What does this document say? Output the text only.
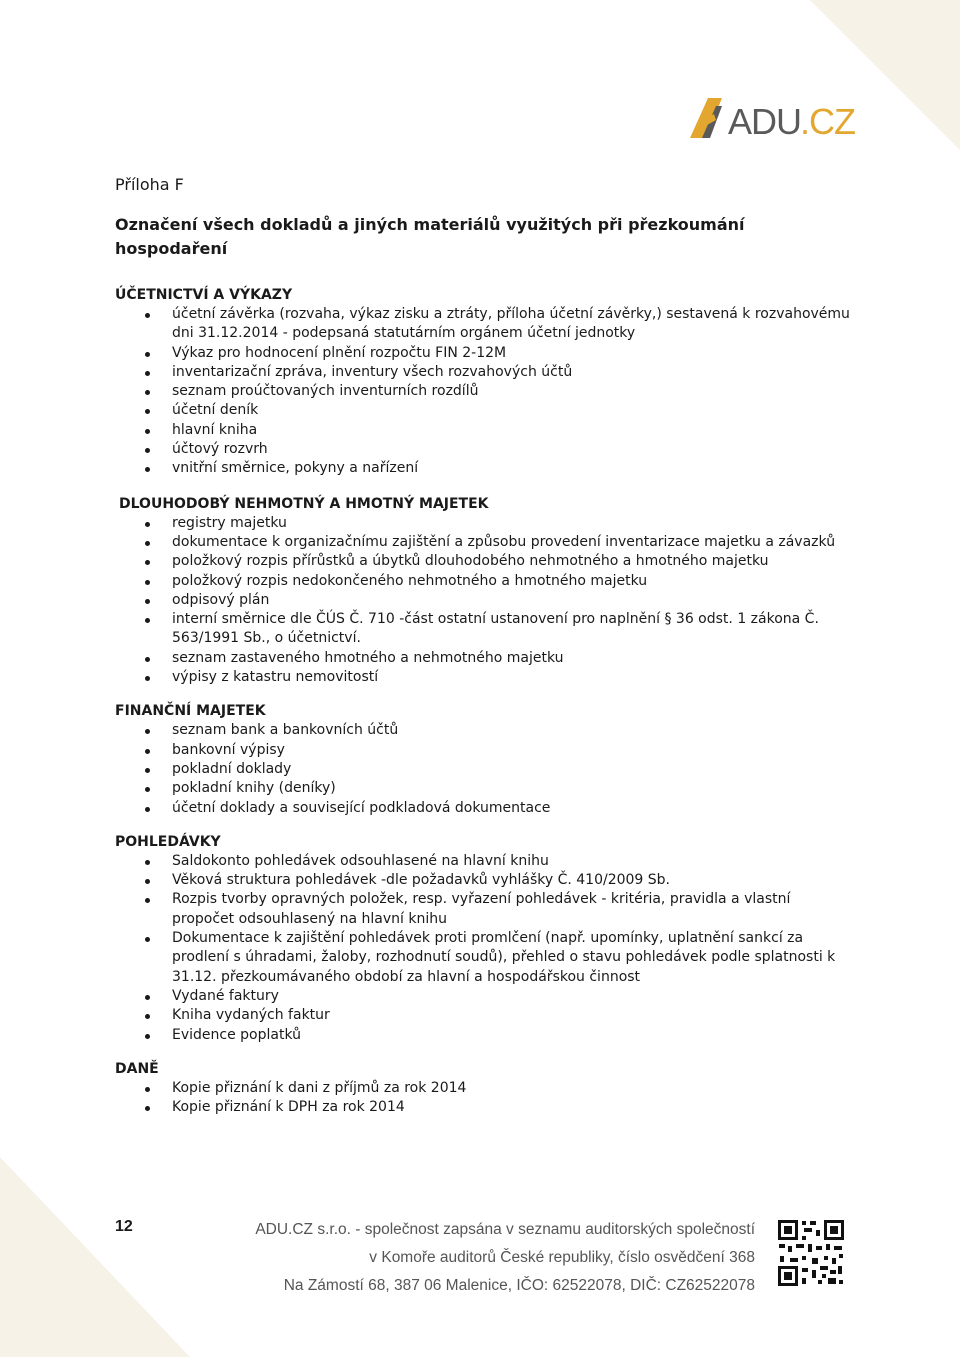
ADU
.
CZ

Příloha F

Označení všech dokladů a jiných materiálů využitých při přezkoumání hospodaření

ÚČETNICTVÍ A VÝKAZY
účetní závěrka (rozvaha, výkaz zisku a ztráty, příloha účetní závěrky,) sestavená k rozvahovému dni 31.12.2014 - podepsaná statutárním orgánem účetní jednotky
Výkaz pro hodnocení plnění rozpočtu FIN 2-12M
inventarizační zpráva, inventury všech rozvahových účtů
seznam proúčtovaných inventurních rozdílů
účetní deník
hlavní kniha
účtový rozvrh
vnitřní směrnice, pokyny a nařízení
DLOUHODOBÝ NEHMOTNÝ A HMOTNÝ MAJETEK
registry majetku
dokumentace k organizačnímu zajištění a způsobu provedení inventarizace majetku a závazků
položkový rozpis přírůstků a úbytků dlouhodobého nehmotného a hmotného majetku
položkový rozpis nedokončeného nehmotného a hmotného majetku
odpisový plán
interní směrnice dle ČÚS Č. 710 -část ostatní ustanovení pro naplnění § 36 odst. 1 zákona Č. 563/1991 Sb., o účetnictví.
seznam zastaveného hmotného a nehmotného majetku
výpisy z katastru nemovitostí
FINANČNÍ MAJETEK
seznam bank a bankovních účtů
bankovní výpisy
pokladní doklady
pokladní knihy (deníky)
účetní doklady a související podkladová dokumentace
POHLEDÁVKY
Saldokonto pohledávek odsouhlasené na hlavní knihu
Věková struktura pohledávek -dle požadavků vyhlášky Č. 410/2009 Sb.
Rozpis tvorby opravných položek, resp. vyřazení pohledávek - kritéria, pravidla a vlastní propočet odsouhlasený na hlavní knihu
Dokumentace k zajištění pohledávek proti promlčení (např. upomínky, uplatnění sankcí za prodlení s úhradami, žaloby, rozhodnutí soudů), přehled o stavu pohledávek podle splatnosti k 31.12. přezkoumávaného období za hlavní a hospodářskou činnost
Vydané faktury
Kniha vydaných faktur
Evidence poplatků
DANĚ
Kopie přiznání k dani z příjmů za rok 2014
Kopie přiznání k DPH za rok 2014
12	ADU.CZ s.r.o. - společnost zapsána v seznamu auditorských společností
v Komoře auditorů České republiky, číslo osvědčení 368
Na Zámostí 68, 387 06 Malenice, IČO: 62522078, DIČ: CZ62522078
